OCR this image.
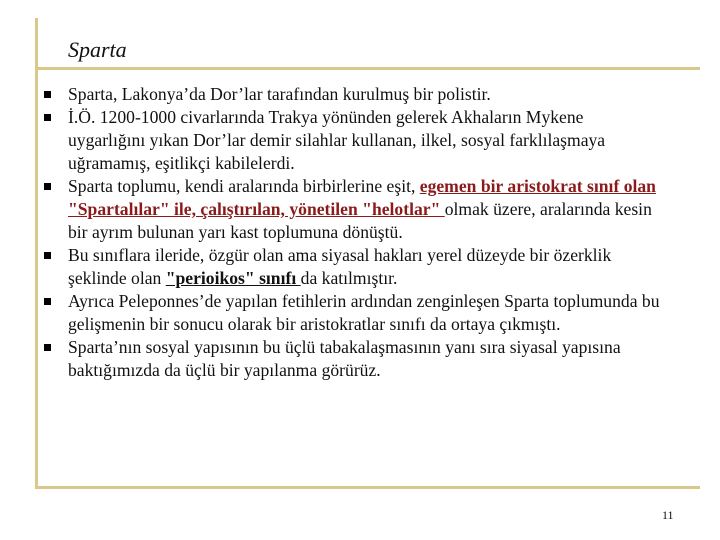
Sparta
Sparta, Lakonya’da Dor’lar tarafından kurulmuş bir polistir.
İ.Ö. 1200-1000 civarlarında Trakya yönünden gelerek Akhaların Mykene uygarlığını yıkan Dor’lar demir silahlar kullanan, ilkel, sosyal farklılaşmaya uğramamış, eşitlikçi kabilelerdi.
Sparta toplumu, kendi aralarında birbirlerine eşit, egemen bir aristokrat sınıf olan "Spartalılar" ile, çalıştırılan, yönetilen "helotlar" olmak üzere, aralarında kesin bir ayrım bulunan yarı kast toplumuna dönüştü.
Bu sınıflara ileride, özgür olan ama siyasal hakları yerel düzeyde bir özerklik şeklinde olan "perioikos" sınıfı da katılmıştır.
Ayrıca Peleponnes’de yapılan fetihlerin ardından zenginleşen Sparta toplumunda bu gelişmenin bir sonucu olarak bir aristokratlar sınıfı da ortaya çıkmıştı.
Sparta’nın sosyal yapısının bu üçlü tabakalaşmasının yanı sıra siyasal yapısına baktığımızda da üçlü bir yapılanma görürüz.
11
